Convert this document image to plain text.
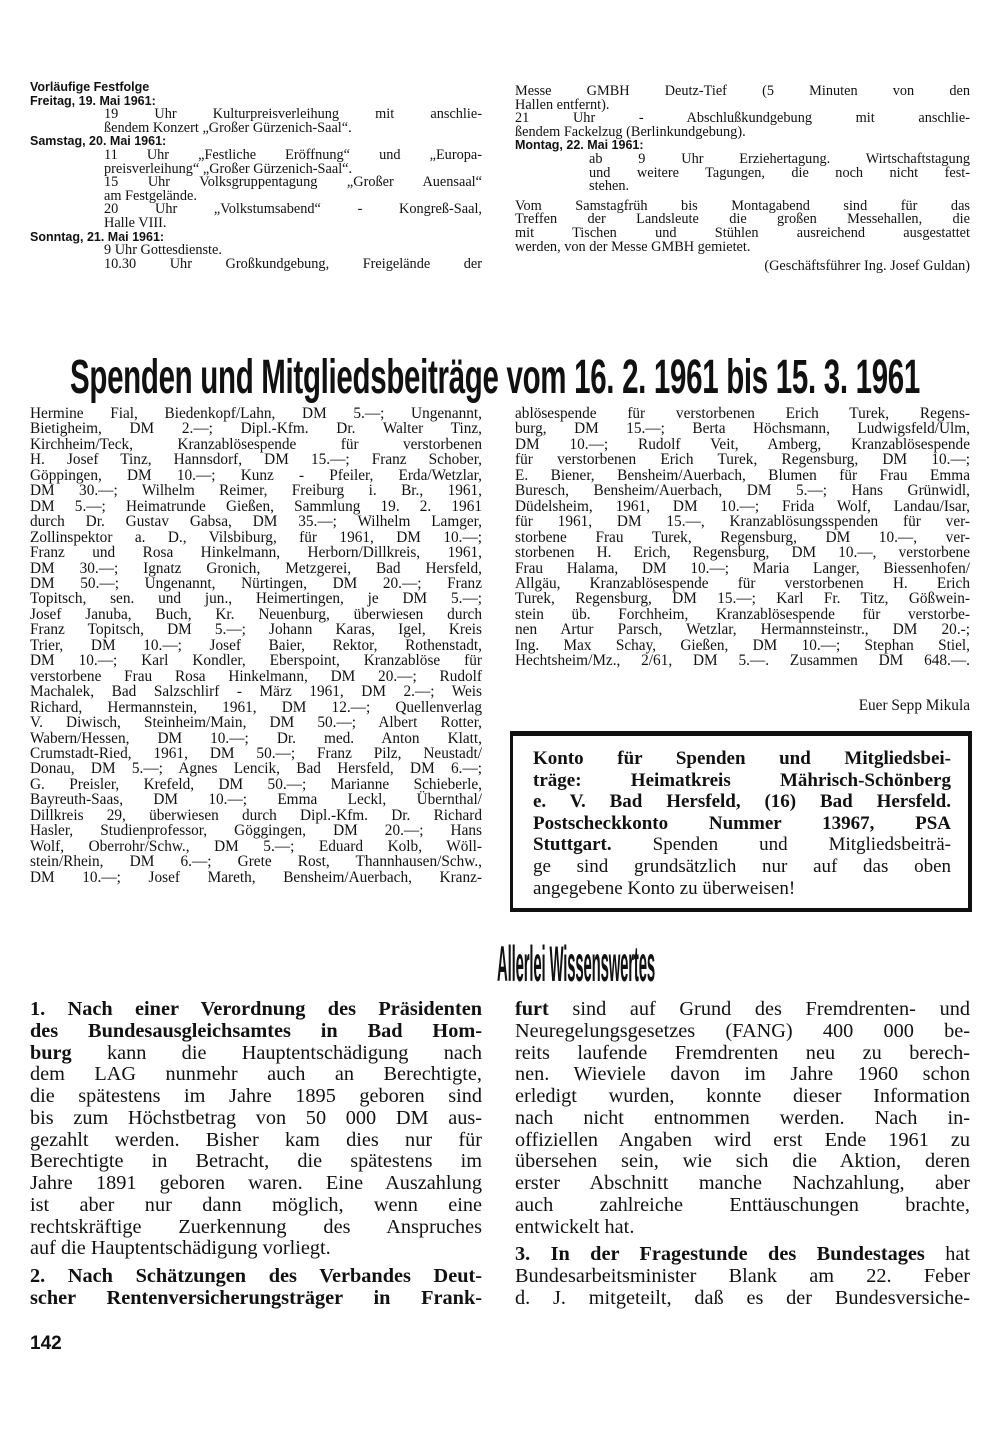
Vorläufige Festfolge
Freitag, 19. Mai 1961:
19 Uhr Kulturpreisverleihung mit anschlie-
ßendem Konzert „Großer Gürzenich-Saal“.
Samstag, 20. Mai 1961:
11 Uhr „Festliche Eröffnung“ und „Europa-
preisverleihung“ „Großer Gürzenich-Saal“.
15 Uhr Volksgruppentagung „Großer Auensaal“
am Festgelände.
20 Uhr „Volkstumsabend“ - Kongreß-Saal,
Halle VIII.
Sonntag, 21. Mai 1961:
9 Uhr Gottesdienste.
10.30 Uhr Großkundgebung, Freigelände der
Messe GMBH Deutz-Tief (5 Minuten von den
Hallen entfernt).
21 Uhr - Abschlußkundgebung mit anschlie-
ßendem Fackelzug (Berlinkundgebung).
Montag, 22. Mai 1961:
ab 9 Uhr Erziehertagung. Wirtschaftstagung
und weitere Tagungen, die noch nicht fest-
stehen.
Vom Samstagfrüh bis Montagabend sind für das
Treffen der Landsleute die großen Messehallen, die
mit Tischen und Stühlen ausreichend ausgestattet
werden, von der Messe GMBH gemietet.
(Geschäftsführer Ing. Josef Guldan)
Spenden und Mitgliedsbeiträge vom 16. 2. 1961 bis 15. 3. 1961
Hermine Fial, Biedenkopf/Lahn, DM 5.—; Ungenannt,
Bietigheim, DM 2.—; Dipl.-Kfm. Dr. Walter Tinz,
Kirchheim/Teck, Kranzablösespende für verstorbenen
H. Josef Tinz, Hannsdorf, DM 15.—; Franz Schober,
Göppingen, DM 10.—; Kunz - Pfeiler, Erda/Wetzlar,
DM 30.—; Wilhelm Reimer, Freiburg i. Br., 1961,
DM 5.—; Heimatrunde Gießen, Sammlung 19. 2. 1961
durch Dr. Gustav Gabsa, DM 35.—; Wilhelm Lamger,
Zollinspektor a. D., Vilsbiburg, für 1961, DM 10.—;
Franz und Rosa Hinkelmann, Herborn/Dillkreis, 1961,
DM 30.—; Ignatz Gronich, Metzgerei, Bad Hersfeld,
DM 50.—; Ungenannt, Nürtingen, DM 20.—; Franz
Topitsch, sen. und jun., Heimertingen, je DM 5.—;
Josef Januba, Buch, Kr. Neuenburg, überwiesen durch
Franz Topitsch, DM 5.—; Johann Karas, Igel, Kreis
Trier, DM 10.—; Josef Baier, Rektor, Rothenstadt,
DM 10.—; Karl Kondler, Eberspoint, Kranzablöse für
verstorbene Frau Rosa Hinkelmann, DM 20.—; Rudolf
Machalek, Bad Salzschlirf - März 1961, DM 2.—; Weis
Richard, Hermannstein, 1961, DM 12.—; Quellenverlag
V. Diwisch, Steinheim/Main, DM 50.—; Albert Rotter,
Wabern/Hessen, DM 10.—; Dr. med. Anton Klatt,
Crumstadt-Ried, 1961, DM 50.—; Franz Pilz, Neustadt/
Donau, DM 5.—; Agnes Lencik, Bad Hersfeld, DM 6.—;
G. Preisler, Krefeld, DM 50.—; Marianne Schieberle,
Bayreuth-Saas, DM 10.—; Emma Leckl, Übernthal/
Dillkreis 29, überwiesen durch Dipl.-Kfm. Dr. Richard
Hasler, Studienprofessor, Göggingen, DM 20.—; Hans
Wolf, Oberrohr/Schw., DM 5.—; Eduard Kolb, Wöll-
stein/Rhein, DM 6.—; Grete Rost, Thannhausen/Schw.,
DM 10.—; Josef Mareth, Bensheim/Auerbach, Kranz-
ablösespende für verstorbenen Erich Turek, Regens-
burg, DM 15.—; Berta Höchsmann, Ludwigsfeld/Ulm,
DM 10.—; Rudolf Veit, Amberg, Kranzablösespende
für verstorbenen Erich Turek, Regensburg, DM 10.—;
E. Biener, Bensheim/Auerbach, Blumen für Frau Emma
Buresch, Bensheim/Auerbach, DM 5.—; Hans Grünwidl,
Düdelsheim, 1961, DM 10.—; Frida Wolf, Landau/Isar,
für 1961, DM 15.—, Kranzablösungsspenden für ver-
storbene Frau Turek, Regensburg, DM 10.—, ver-
storbenen H. Erich, Regensburg, DM 10.—, verstorbene
Frau Halama, DM 10.—; Maria Langer, Biessenhofen/
Allgäu, Kranzablösespende für verstorbenen H. Erich
Turek, Regensburg, DM 15.—; Karl Fr. Titz, Gößwein-
stein üb. Forchheim, Kranzablösespende für verstorbe-
nen Artur Parsch, Wetzlar, Hermannsteinstr., DM 20.-;
Ing. Max Schay, Gießen, DM 10.—; Stephan Stiel,
Hechtsheim/Mz., 2/61, DM 5.—. Zusammen DM 648.—.
Euer Sepp Mikula
Konto für Spenden und Mitgliedsbei-
träge: Heimatkreis Mährisch-Schönberg
e. V. Bad Hersfeld, (16) Bad Hersfeld.
Postscheckkonto Nummer 13967, PSA
Stuttgart. Spenden und Mitgliedsbeiträ-
ge sind grundsätzlich nur auf das oben
angegebene Konto zu überweisen!
Allerlei Wissenswertes
1. Nach einer Verordnung des Präsidenten
des Bundesausgleichsamtes in Bad Hom-
burg kann die Hauptentschädigung nach
dem LAG nunmehr auch an Berechtigte,
die spätestens im Jahre 1895 geboren sind
bis zum Höchstbetrag von 50 000 DM aus-
gezahlt werden. Bisher kam dies nur für
Berechtigte in Betracht, die spätestens im
Jahre 1891 geboren waren. Eine Auszahlung
ist aber nur dann möglich, wenn eine
rechtskräftige Zuerkennung des Anspruches
auf die Hauptentschädigung vorliegt.
2. Nach Schätzungen des Verbandes Deut-
scher Rentenversicherungsträger in Frank-
furt sind auf Grund des Fremdrenten- und
Neuregelungsgesetzes (FANG) 400 000 be-
reits laufende Fremdrenten neu zu berech-
nen. Wieviele davon im Jahre 1960 schon
erledigt wurden, konnte dieser Information
nach nicht entnommen werden. Nach in-
offiziellen Angaben wird erst Ende 1961 zu
übersehen sein, wie sich die Aktion, deren
erster Abschnitt manche Nachzahlung, aber
auch zahlreiche Enttäuschungen brachte,
entwickelt hat.
3. In der Fragestunde des Bundestages hat
Bundesarbeitsminister Blank am 22. Feber
d. J. mitgeteilt, daß es der Bundesversiche-
142
